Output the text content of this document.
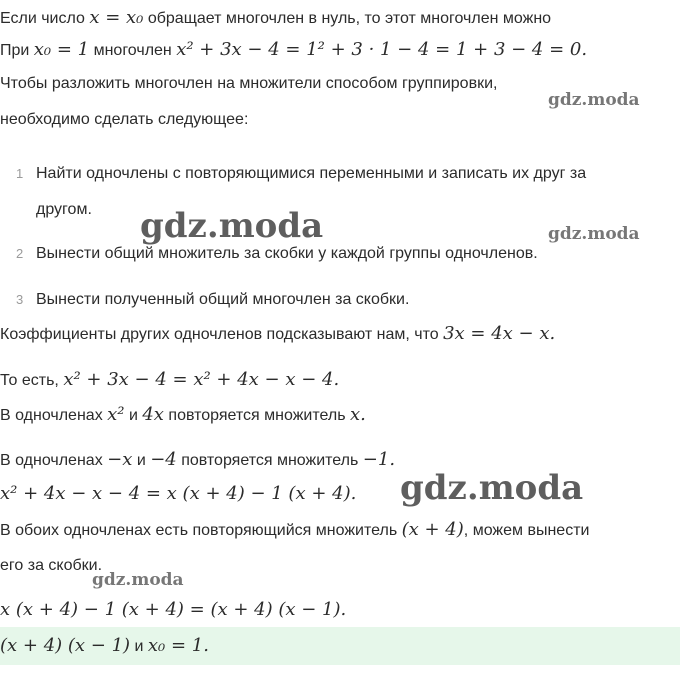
Если число x = x₀ обращает многочлен в нуль, то этот многочлен можно
При x₀ = 1 многочлен x² + 3x − 4 = 1² + 3 · 1 − 4 = 1 + 3 − 4 = 0.
Чтобы разложить многочлен на множители способом группировки,
необходимо сделать следующее:
1 Найти одночлены с повторяющимися переменными и записать их друг за
другом.
2 Вынести общий множитель за скобки у каждой группы одночленов.
3 Вынести полученный общий многочлен за скобки.
Коэффициенты других одночленов подсказывают нам, что 3x = 4x − x.
То есть, x² + 3x − 4 = x² + 4x − x − 4.
В одночленах x² и 4x повторяется множитель x.
В одночленах −x и −4 повторяется множитель −1.
x² + 4x − x − 4 = x (x + 4) − 1 (x + 4).
В обоих одночленах есть повторяющийся множитель (x + 4), можем вынести
его за скобки.
x (x + 4) − 1 (x + 4) = (x + 4) (x − 1).
(x + 4) (x − 1) и x₀ = 1.
gdz.moda
gdz.moda	gdz.moda
gdz.moda
gdz.moda
